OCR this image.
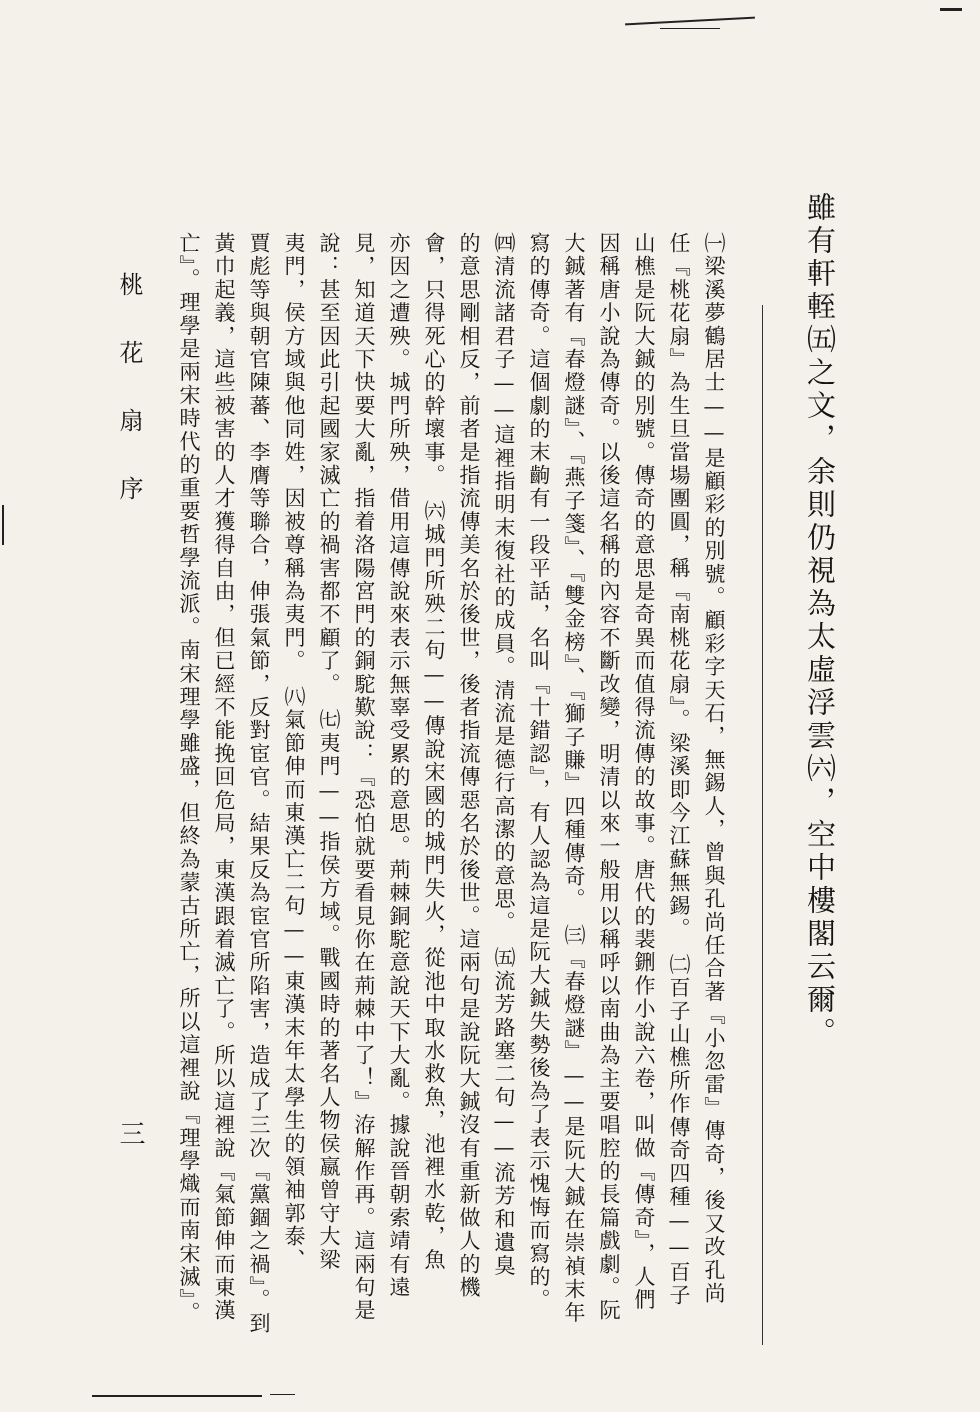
雖有軒輊㈤之文，余則仍視為太虛浮雲㈥，空中樓閣云爾。
㈠梁溪夢鶴居士——是顧彩的別號。顧彩字天石，無錫人，曾與孔尚任合著『小忽雷』傳奇，後又改孔尚
任『桃花扇』為生旦當場團圓，稱『南桃花扇』。梁溪即今江蘇無錫。　㈡百子山樵所作傳奇四種——百子
山樵是阮大鋮的別號。傳奇的意思是奇異而值得流傳的故事。唐代的裴鉶作小說六卷，叫做『傳奇』，人們
因稱唐小說為傳奇。以後這名稱的內容不斷改變，明清以來一般用以稱呼以南曲為主要唱腔的長篇戲劇。阮
大鋮著有『春燈謎』、『燕子箋』、『雙金榜』、『獅子賺』四種傳奇。　㈢『春燈謎』——是阮大鋮在崇禎末年
寫的傳奇。這個劇的末齣有一段平話，名叫『十錯認』，有人認為這是阮大鋮失勢後為了表示愧悔而寫的。
㈣清流諸君子——這裡指明末復社的成員。清流是德行高潔的意思。　㈤流芳路塞二句——流芳和遺臭
的意思剛相反，前者是指流傳美名於後世，後者指流傳惡名於後世。這兩句是說阮大鋮沒有重新做人的機
會，只得死心的幹壞事。　㈥城門所殃二句——傳說宋國的城門失火，從池中取水救魚，池裡水乾，魚
亦因之遭殃。城門所殃，借用這傳說來表示無辜受累的意思。荊棘銅駝意說天下大亂。據說晉朝索靖有遠
見，知道天下快要大亂，指着洛陽宮門的銅駝歎說：『恐怕就要看見你在荊棘中了！』洊解作再。這兩句是
說：甚至因此引起國家滅亡的禍害都不顧了。　㈦夷門——指侯方域。戰國時的著名人物侯嬴曾守大梁
夷門，侯方域與他同姓，因被尊稱為夷門。　㈧氣節伸而東漢亡二句——東漢末年太學生的領袖郭泰、
賈彪等與朝官陳蕃、李膺等聯合，伸張氣節，反對宦官。結果反為宦官所陷害，造成了三次『黨錮之禍』。到
黃巾起義，這些被害的人才獲得自由，但已經不能挽回危局，東漢跟着滅亡了。所以這裡說『氣節伸而東漢
亡』。理學是兩宋時代的重要哲學流派。南宋理學雖盛，但終為蒙古所亡，所以這裡說『理學熾而南宋滅』。
桃花扇序
三
